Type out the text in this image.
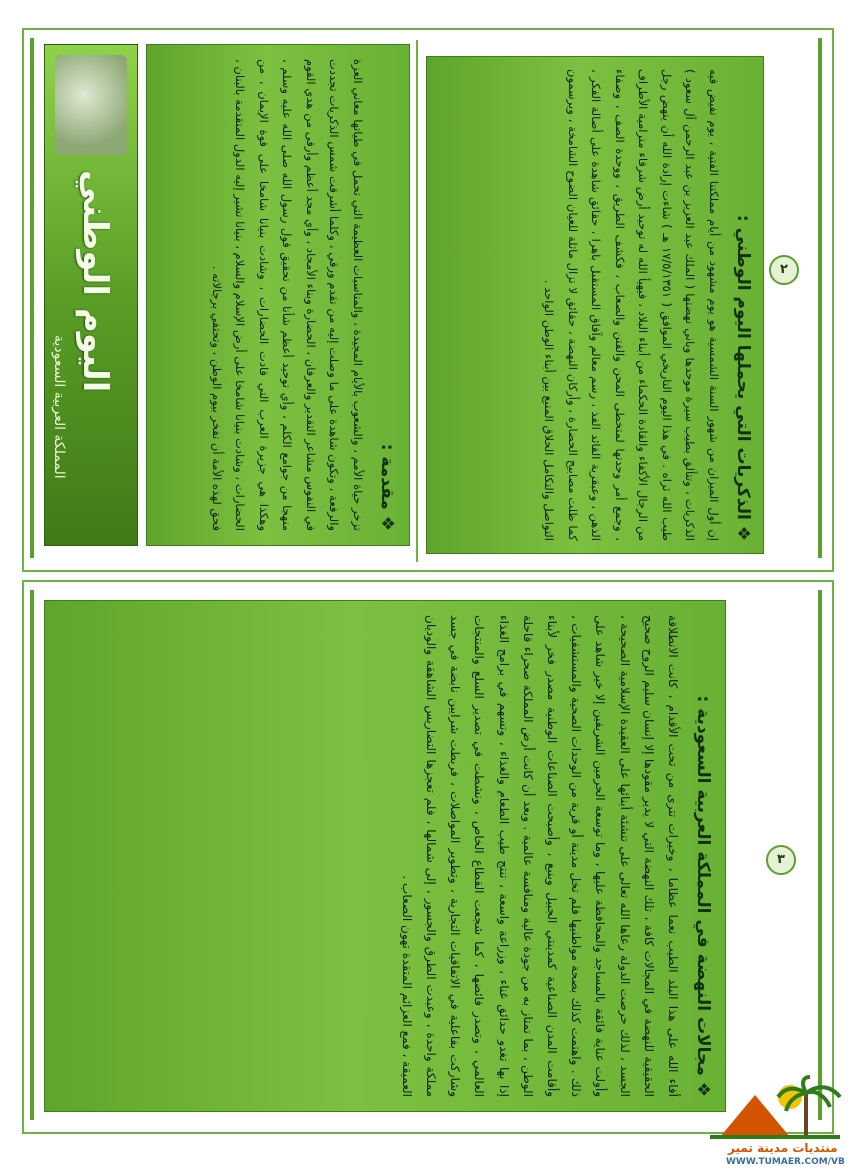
اليوم الوطني
المملكة العربية السعودية
❖ مقدمة :

تزخر حياة الأمم ، والشعوب بالأيام المجيدة ، والمناسبات العظيمة التي تحمل في طياتها معاني العزة والرفعة ، وتكون شاهدة على ما وصلت إليه من تقدم ورقي ، وكلما أشرقت شمس الذكريات تجددت في النفوس مشاعر التقدير والعرفان ، الحضارة وبناء الأمجاد ، وأي مجد أعظم وأرقى من هدي القوم منهجا من جوامع الكلم ، وأي توحيد أعظم شأنا من تحقيق قول رسول الله صلى الله عليه وسلم ، وهكذا هي جزيرة العرب التي قادت الحضارات ، وشادت بنيانا شامخا على قوة الإيمان ، من الحضارات ، وشادت بنيانا شامخا على أرض الإسلام والسلام ، بنيانا تشير إليه الدول المتقدمة بالبنان ، فحق لهذه الأمة أن تفخر بيوم الوطن ، وتحتفي برجالاته .	٢
❖ الذكريات التي يحملها اليوم الوطني :

إن أول الميزان من شهور السنة الشمسية هو يوم مشهود من أيام مملكتنا الفتية ، يوم تفيض فيه الذكريات ، وتتألق بطيب سيرة موحدها وباني نهضتها ( الملك عبد العزيز بن عبد الرحمن آل سعود ) طيب الله ثراه . في هذا اليوم التاريخي الموافق ( ١٧/٥/١٣٥١ هـ ) شاءت إرادة الله أن ينهض رجل من الرجال الأكفاء والقادة الحكماء من أبناء البلاد ، فيهيأ الله له توحيد أرض شرقاء مترامية الأطراف ، وجمع أمر وحدتها لمتخطى المحن والفتن والصعاب ، فكشف الطريق ، ووحدة الصف ، وصفاء الذهن ، وعبقرية القائد الفذ ، رسم معالم وآفاق المستقبل باهرا ، حقائق شاهدة على أصالة الفكر ، كما ظلت مصابيح الحضارة ، وأركان النهضة ، حقائق لا تزال ماثلة للعيان الضوح الشامخة ، ويرسمون التواصل والتكامل الحلاق المنبع بين أبناء الوطن الواحد .

❖ مجالات النهضة في المملكة العربية السعودية :

أفاء الله على هذا البلد الطيب نعما عظاما ، وخيرات تترى من تحت الأقدام ، كانت الانطلاقة الحقيقية للنهضة في المجالات كافة ، تلك النهضة التي لا يدير مقودها إلا إنسان سليم الروح صحيح الجسد ، لذلك حرصت الدولة رعاها الله تعالى على تنشئة أبنائها على العقيدة الإسلامية الصحيحة ، وأولت عناية فائقة بالمساجد والمحافظة عليها ، وما توسعة الحرمين الشريفين إلا خير شاهد على ذلك . واهتمت كذلك بصحة مواطنيها فلم تخل مدينة أو قرية من الوحدات الصحية والمستشفيات ، وأقامت المدن الصناعية كمدينتي الجبيل وينبع ، وأصبحت الصناعات الوطنية مصدر فخر لأبناء الوطن ، بما تمتاز به من جودة عالية ومنافسة عالمية . وبعد أن كانت أرض المملكة صحراء قاحلة إذا بها تغدو حدائق غناء ، وزراعة واسعة ، تنتج طيب الطعام والغذاء ، وتسهم في برامج الغذاء العالمي ، وتصدر فائضها ، كما شجعت القطاع الخاص ، ونشطت في تصدير السلع والمنتجات وشاركت بفاعلية في الاتفاقيات التجارية ، وتطوير المواصلات ، فربطت شرايين نابضة في جسد مملكة واحدة ، وعبدت الطرق والجسور ، إلى شمالها ، فلم تعجزها التضاريس الشاهقة والوديان العميقة ، فمع العزائم المتقدة تهون الصعاب .

٣
منتديات مدينة تمير
WWW.TUMAER.COM/VB
